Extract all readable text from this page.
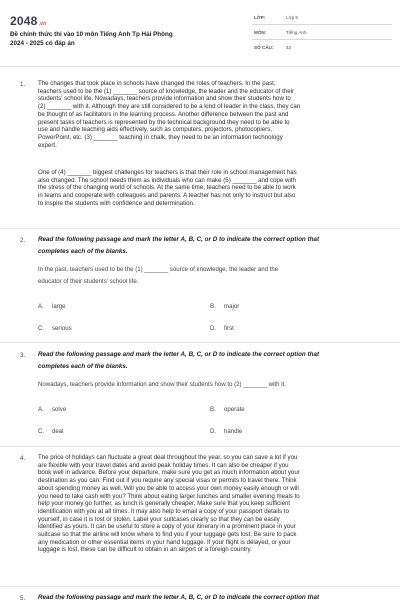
2048.vn
Đề chính thức thi vào 10 môn Tiếng Anh Tp Hải Phòng
2024 - 2025 có đáp án
LỚP:	Lớp 9
MÔN:	Tiếng Anh
SỐ CÂU:	42
1. The changes that took place in schools have changed the roles of teachers. In the past,
teachers used to be the (1) _______ source of knowledge, the leader and the educator of their
students' school life. Nowadays, teachers provide information and show their students how to
(2) _______ with it. Although they are still considered to be a kind of leader in the class, they can
be thought of as facilitators in the learning process. Another difference between the past and
present tasks of teachers is represented by the technical background they need to be able to
use and handle teaching aids effectively, such as computers, projectors, photocopiers,
PowerPoint, etc. (3) _______ teaching in chalk, they need to be an information technology
expert.
One of (4) _______ biggest challenges for teachers is that their role in school management has
also changed. The school needs them as individuals who can make (5) _______ and cope with
the stress of the changing world of schools. At the same time, teachers need to be able to work
in teams and cooperate with colleagues and parents. A teacher has not only to instruct but also
to inspire the students with confidence and determination.
2. Read the following passage and mark the letter A, B, C, or D to indicate the correct option that
completes each of the blanks.
In the past, teachers used to be the (1) _______ source of knowledge, the leader and the
educator of their students' school life.
A. large	B. major
C. serious	D. first
3. Read the following passage and mark the letter A, B, C, or D to indicate the correct option that
completes each of the blanks.
Nowadays, teachers provide information and show their students how to (2) _______ with it.
A. solve	B. operate
C. deal	D. handle
4. The price of holidays can fluctuate a great deal throughout the year, so you can save a lot if you
are flexible with your travel dates and avoid peak holiday times. It can also be cheaper if you
book well in advance. Before your departure, make sure you get as much information about your
destination as you can. Find out if you require any special visas or permits to travel there. Think
about spending money as well. Will you be able to access your own money easily enough or will
you need to take cash with you? Think about eating larger lunches and smaller evening meals to
help your money go further, as lunch is generally cheaper. Make sure that you keep sufficient
identification with you at all times. It may also help to email a copy of your passport details to
yourself, in case it is lost or stolen. Label your suitcases clearly so that they can be easily
identified as yours. It can be useful to store a copy of your itinerary in a prominent place in your
suitcase so that the airline will know where to find you if your luggage gets lost. Be sure to pack
any medication or other essential items in your hand luggage. If your flight is delayed, or your
luggage is lost, these can be difficult to obtain in an airport or a foreign country.
5. Read the following passage and mark the letter A, B, C, or D to indicate the correct option that
